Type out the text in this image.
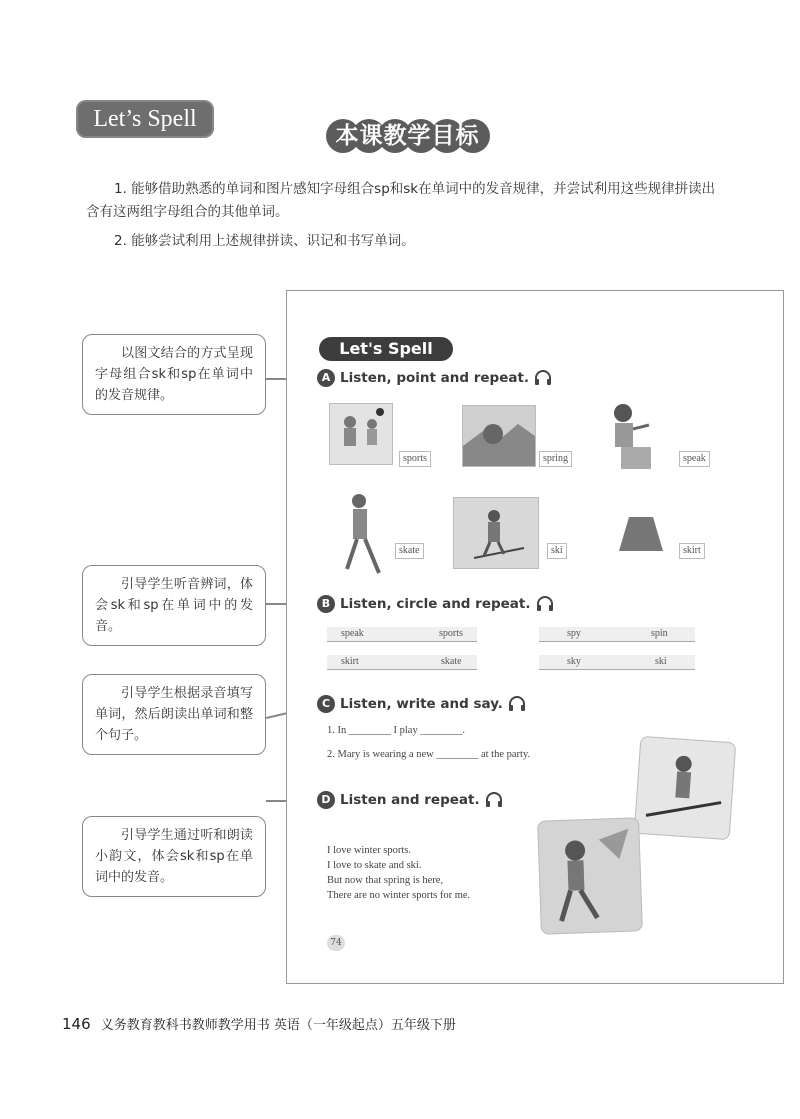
Let’s Spell
本课教学目标
1. 能够借助熟悉的单词和图片感知字母组合sp和sk在单词中的发音规律，并尝试利用这些规律拼读出含有这两组字母组合的其他单词。
2. 能够尝试利用上述规律拼读、识记和书写单词。
以图文结合的方式呈现字母组合sk和sp在单词中的发音规律。
引导学生听音辨词，体会sk和sp在单词中的发音。
引导学生根据录音填写单词，然后朗读出单词和整个句子。
引导学生通过听和朗读小韵文，体会sk和sp在单词中的发音。
Let's Spell
A Listen, point and repeat.
sports	spring	speak
skate	ski	skirt
B Listen, circle and repeat.
speak	sports	spy	spin
skirt	skate	sky	ski
C Listen, write and say.
1. In ________ I play ________.
2. Mary is wearing a new ________ at the party.
D Listen and repeat.
I love winter sports.
I love to skate and ski.
But now that spring is here,
There are no winter sports for me.
74
146 义务教育教科书教师教学用书 英语（一年级起点）五年级下册
